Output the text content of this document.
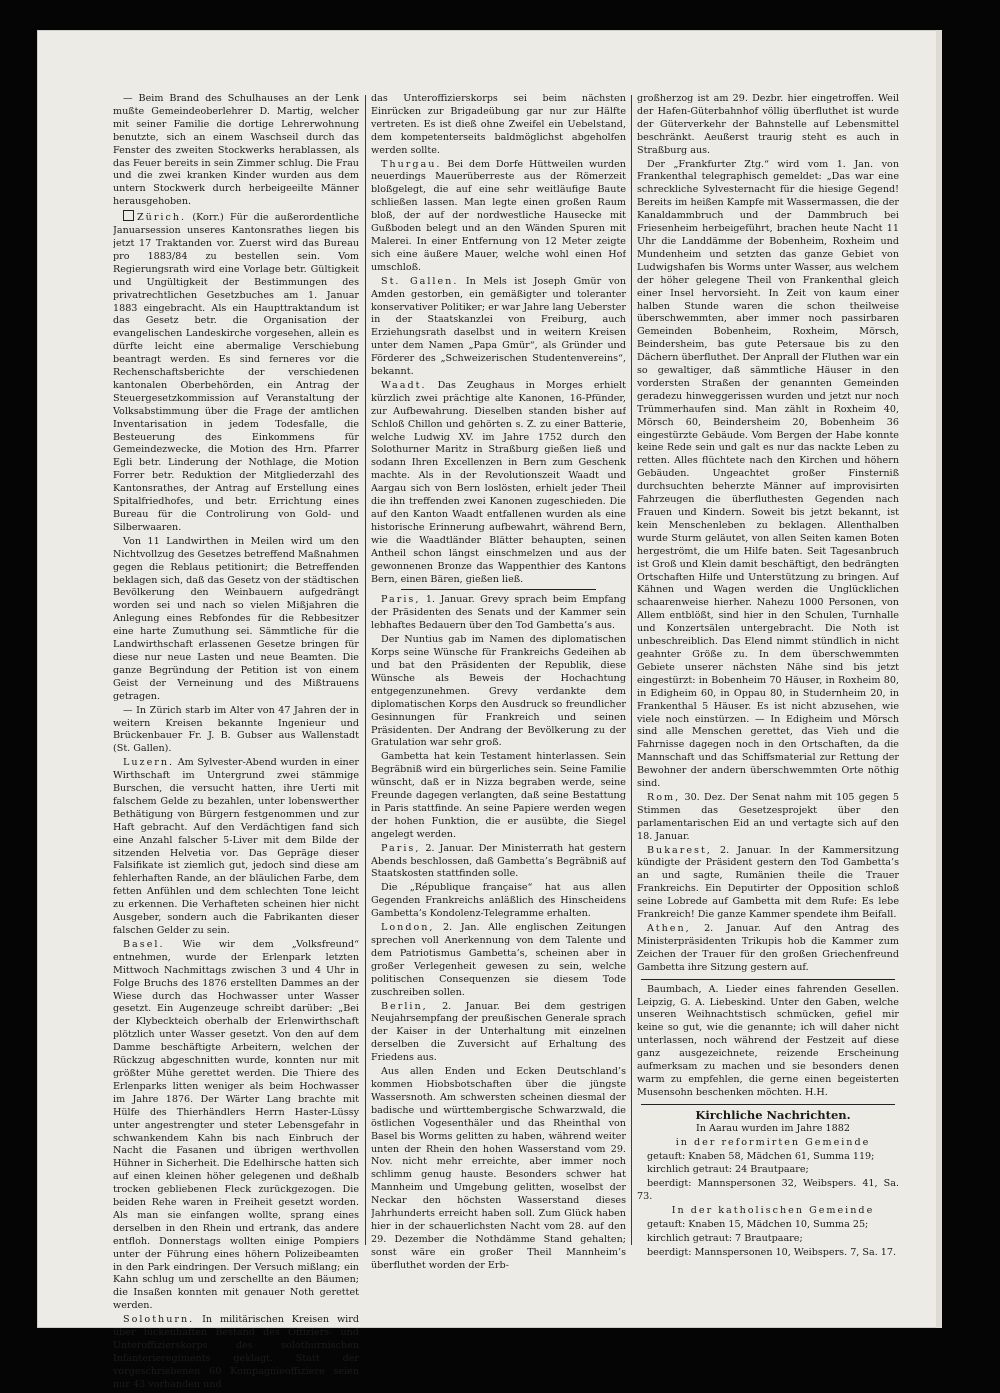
— Beim Brand des Schulhauses an der Lenk mußte Gemeindeoberlehrer D. Martig, welcher mit seiner Familie die dortige Lehrerwohnung benutzte, sich an einem Waschseil durch das Fenster des zweiten Stockwerks herablassen, als das Feuer bereits in sein Zimmer schlug. Die Frau und die zwei kranken Kinder wurden aus dem untern Stockwerk durch herbeigeeilte Männer herausgehoben.

Zürich. (Korr.) Für die außerordentliche Januarsession unseres Kantonsrathes liegen bis jetzt 17 Traktanden vor. Zuerst wird das Bureau pro 1883/84 zu bestellen sein. Vom Regierungsrath wird eine Vorlage betr. Gültigkeit und Ungültigkeit der Bestimmungen des privatrechtlichen Gesetzbuches am 1. Januar 1883 eingebracht. Als ein Haupttraktandum ist das Gesetz betr. die Organisation der evangelischen Landeskirche vorgesehen, allein es dürfte leicht eine abermalige Verschiebung beantragt werden. Es sind ferneres vor die Rechenschaftsberichte der verschiedenen kantonalen Oberbehörden, ein Antrag der Steuergesetzkommission auf Veranstaltung der Volksabstimmung über die Frage der amtlichen Inventarisation in jedem Todesfalle, die Besteuerung des Einkommens für Gemeindezwecke, die Motion des Hrn. Pfarrer Egli betr. Linderung der Nothlage, die Motion Forrer betr. Reduktion der Mitgliederzahl des Kantonsrathes, der Antrag auf Erstellung eines Spitalfriedhofes, und betr. Errichtung eines Bureau für die Controlirung von Gold- und Silberwaaren.

Von 11 Landwirthen in Meilen wird um den Nichtvollzug des Gesetzes betreffend Maßnahmen gegen die Reblaus petitionirt; die Betreffenden beklagen sich, daß das Gesetz von der städtischen Bevölkerung den Weinbauern aufgedrängt worden sei und nach so vielen Mißjahren die Anlegung eines Rebfondes für die Rebbesitzer eine harte Zumuthung sei. Sämmtliche für die Landwirthschaft erlassenen Gesetze bringen für diese nur neue Lasten und neue Beamten. Die ganze Begründung der Petition ist von einem Geist der Verneinung und des Mißtrauens getragen.

— In Zürich starb im Alter von 47 Jahren der in weitern Kreisen bekannte Ingenieur und Brückenbauer Fr. J. B. Gubser aus Wallenstadt (St. Gallen).

Luzern. Am Sylvester-Abend wurden in einer Wirthschaft im Untergrund zwei stämmige Burschen, die versucht hatten, ihre Uerti mit falschem Gelde zu bezahlen, unter lobenswerther Bethätigung von Bürgern festgenommen und zur Haft gebracht. Auf den Verdächtigen fand sich eine Anzahl falscher 5-Liver mit dem Bilde der sitzenden Helvetia vor. Das Gepräge dieser Falsifikate ist ziemlich gut, jedoch sind diese am fehlerhaften Rande, an der bläulichen Farbe, dem fetten Anfühlen und dem schlechten Tone leicht zu erkennen. Die Verhafteten scheinen hier nicht Ausgeber, sondern auch die Fabrikanten dieser falschen Gelder zu sein.

Basel. Wie wir dem „Volksfreund“ entnehmen, wurde der Erlenpark letzten Mittwoch Nachmittags zwischen 3 und 4 Uhr in Folge Bruchs des 1876 erstellten Dammes an der Wiese durch das Hochwasser unter Wasser gesetzt. Ein Augenzeuge schreibt darüber: „Bei der Klybeckteich oberhalb der Erlenwirthschaft plötzlich unter Wasser gesetzt. Von den auf dem Damme beschäftigte Arbeitern, welchen der Rückzug abgeschnitten wurde, konnten nur mit größter Mühe gerettet werden. Die Thiere des Erlenparks litten weniger als beim Hochwasser im Jahre 1876. Der Wärter Lang brachte mit Hülfe des Thierhändlers Herrn Haster-Lüssy unter angestrengter und steter Lebensgefahr in schwankendem Kahn bis nach Einbruch der Nacht die Fasanen und übrigen werthvollen Hühner in Sicherheit. Die Edelhirsche hatten sich auf einen kleinen höher gelegenen und deßhalb trocken gebliebenen Fleck zurückgezogen. Die beiden Rehe waren in Freiheit gesetzt worden. Als man sie einfangen wollte, sprang eines derselben in den Rhein und ertrank, das andere entfloh. Donnerstags wollten einige Pompiers unter der Führung eines höhern Polizeibeamten in den Park eindringen. Der Versuch mißlang; ein Kahn schlug um und zerschellte an den Bäumen; die Insaßen konnten mit genauer Noth gerettet werden.

Solothurn. In militärischen Kreisen wird über lückenhaften Bestand des Offiziers- und Unteroffizierskorps des solothurnischen Infanterieregiments geklagt. Statt der vorgeschriebenen 60 Kompagnieoffiziere seien nur 43 vorhanden und

das Unteroffizierskorps sei beim nächsten Einrücken zur Brigadeübung gar nur zur Hälfte vertreten. Es ist dieß ohne Zweifel ein Uebelstand, dem kompetenterseits baldmöglichst abgeholfen werden sollte.

Thurgau. Bei dem Dorfe Hüttweilen wurden neuerdings Mauerüberreste aus der Römerzeit bloßgelegt, die auf eine sehr weitläufige Baute schließen lassen. Man legte einen großen Raum bloß, der auf der nordwestliche Hausecke mit Gußboden belegt und an den Wänden Spuren mit Malerei. In einer Entfernung von 12 Meter zeigte sich eine äußere Mauer, welche wohl einen Hof umschloß.

St. Gallen. In Mels ist Joseph Gmür von Amden gestorben, ein gemäßigter und toleranter konservativer Politiker; er war Jahre lang Ueberster in der Staatskanzlei von Freiburg, auch Erziehungsrath daselbst und in weitern Kreisen unter dem Namen „Papa Gmür“, als Gründer und Förderer des „Schweizerischen Studentenvereins“, bekannt.

Waadt. Das Zeughaus in Morges erhielt kürzlich zwei prächtige alte Kanonen, 16-Pfünder, zur Aufbewahrung. Dieselben standen bisher auf Schloß Chillon und gehörten s. Z. zu einer Batterie, welche Ludwig XV. im Jahre 1752 durch den Solothurner Maritz in Straßburg gießen ließ und sodann Ihren Excellenzen in Bern zum Geschenk machte. Als in der Revolutionszeit Waadt und Aargau sich von Bern loslösten, erhielt jeder Theil die ihn treffenden zwei Kanonen zugeschieden. Die auf den Kanton Waadt entfallenen wurden als eine historische Erinnerung aufbewahrt, während Bern, wie die Waadtländer Blätter behaupten, seinen Antheil schon längst einschmelzen und aus der gewonnenen Bronze das Wappenthier des Kantons Bern, einen Bären, gießen ließ.

Paris, 1. Januar. Grevy sprach beim Empfang der Präsidenten des Senats und der Kammer sein lebhaftes Bedauern über den Tod Gambetta’s aus.

Der Nuntius gab im Namen des diplomatischen Korps seine Wünsche für Frankreichs Gedeihen ab und bat den Präsidenten der Republik, diese Wünsche als Beweis der Hochachtung entgegenzunehmen. Grevy verdankte dem diplomatischen Korps den Ausdruck so freundlicher Gesinnungen für Frankreich und seinen Präsidenten. Der Andrang der Bevölkerung zu der Gratulation war sehr groß.

Gambetta hat kein Testament hinterlassen. Sein Begräbniß wird ein bürgerliches sein. Seine Familie wünscht, daß er in Nizza begraben werde, seine Freunde dagegen verlangten, daß seine Bestattung in Paris stattfinde. An seine Papiere werden wegen der hohen Funktion, die er ausübte, die Siegel angelegt werden.

Paris, 2. Januar. Der Ministerrath hat gestern Abends beschlossen, daß Gambetta’s Begräbniß auf Staatskosten stattfinden solle.

Die „République française“ hat aus allen Gegenden Frankreichs anläßlich des Hinscheidens Gambetta’s Kondolenz-Telegramme erhalten.

London, 2. Jan. Alle englischen Zeitungen sprechen voll Anerkennung von dem Talente und dem Patriotismus Gambetta’s, scheinen aber in großer Verlegenheit gewesen zu sein, welche politischen Consequenzen sie diesem Tode zuschreiben sollen.

Berlin, 2. Januar. Bei dem gestrigen Neujahrsempfang der preußischen Generale sprach der Kaiser in der Unterhaltung mit einzelnen derselben die Zuversicht auf Erhaltung des Friedens aus.

Aus allen Enden und Ecken Deutschland’s kommen Hiobsbotschaften über die jüngste Wassersnoth. Am schwersten scheinen diesmal der badische und württembergische Schwarzwald, die östlichen Vogesenthäler und das Rheinthal von Basel bis Worms gelitten zu haben, während weiter unten der Rhein den hohen Wasserstand vom 29. Nov. nicht mehr erreichte, aber immer noch schlimm genug hauste. Besonders schwer hat Mannheim und Umgebung gelitten, woselbst der Neckar den höchsten Wasserstand dieses Jahrhunderts erreicht haben soll. Zum Glück haben hier in der schauerlichsten Nacht vom 28. auf den 29. Dezember die Nothdämme Stand gehalten; sonst wäre ein großer Theil Mannheim’s überfluthet worden der Erb-

großherzog ist am 29. Dezbr. hier eingetroffen. Weil der Hafen-Güterbahnhof völlig überfluthet ist wurde der Güterverkehr der Bahnstelle auf Lebensmittel beschränkt. Aeußerst traurig steht es auch in Straßburg aus.

Der „Frankfurter Ztg.“ wird vom 1. Jan. von Frankenthal telegraphisch gemeldet: „Das war eine schreckliche Sylvesternacht für die hiesige Gegend! Bereits im heißen Kampfe mit Wassermassen, die der Kanaldammbruch und der Dammbruch bei Friesenheim herbeigeführt, brachen heute Nacht 11 Uhr die Landdämme der Bobenheim, Roxheim und Mundenheim und setzten das ganze Gebiet von Ludwigshafen bis Worms unter Wasser, aus welchem der höher gelegene Theil von Frankenthal gleich einer Insel hervorsieht. In Zeit von kaum einer halben Stunde waren die schon theilweise überschwemmten, aber immer noch passirbaren Gemeinden Bobenheim, Roxheim, Mörsch, Beindersheim, bas gute Petersaue bis zu den Dächern überfluthet. Der Anprall der Fluthen war ein so gewaltiger, daß sämmtliche Häuser in den vordersten Straßen der genannten Gemeinden geradezu hinweggerissen wurden und jetzt nur noch Trümmerhaufen sind. Man zählt in Roxheim 40, Mörsch 60, Beindersheim 20, Bobenheim 36 eingestürzte Gebäude. Vom Bergen der Habe konnte keine Rede sein und galt es nur das nackte Leben zu retten. Alles flüchtete nach den Kirchen und höhern Gebäuden. Ungeachtet großer Finsterniß durchsuchten beherzte Männer auf improvisirten Fahrzeugen die überfluthesten Gegenden nach Frauen und Kindern. Soweit bis jetzt bekannt, ist kein Menschenleben zu beklagen. Allenthalben wurde Sturm geläutet, von allen Seiten kamen Boten hergeströmt, die um Hilfe baten. Seit Tagesanbruch ist Groß und Klein damit beschäftigt, den bedrängten Ortschaften Hilfe und Unterstützung zu bringen. Auf Kähnen und Wagen werden die Unglücklichen schaarenweise hierher. Nahezu 1000 Personen, von Allem entblößt, sind hier in den Schulen, Turnhalle und Konzertsälen untergebracht. Die Noth ist unbeschreiblich. Das Elend nimmt stündlich in nicht geahnter Größe zu. In dem überschwemmten Gebiete unserer nächsten Nähe sind bis jetzt eingestürzt: in Bobenheim 70 Häuser, in Roxheim 80, in Edigheim 60, in Oppau 80, in Studernheim 20, in Frankenthal 5 Häuser. Es ist nicht abzusehen, wie viele noch einstürzen. — In Edigheim und Mörsch sind alle Menschen gerettet, das Vieh und die Fahrnisse dagegen noch in den Ortschaften, da die Mannschaft und das Schiffsmaterial zur Rettung der Bewohner der andern überschwemmten Orte nöthig sind.

Rom, 30. Dez. Der Senat nahm mit 105 gegen 5 Stimmen das Gesetzesprojekt über den parlamentarischen Eid an und vertagte sich auf den 18. Januar.

Bukarest, 2. Januar. In der Kammersitzung kündigte der Präsident gestern den Tod Gambetta’s an und sagte, Rumänien theile die Trauer Frankreichs. Ein Deputirter der Opposition schloß seine Lobrede auf Gambetta mit dem Rufe: Es lebe Frankreich! Die ganze Kammer spendete ihm Beifall.

Athen, 2. Januar. Auf den Antrag des Ministerpräsidenten Trikupis hob die Kammer zum Zeichen der Trauer für den großen Griechenfreund Gambetta ihre Sitzung gestern auf.

Baumbach, A. Lieder eines fahrenden Gesellen. Leipzig, G. A. Liebeskind. Unter den Gaben, welche unseren Weihnachtstisch schmücken, gefiel mir keine so gut, wie die genannte; ich will daher nicht unterlassen, noch während der Festzeit auf diese ganz ausgezeichnete, reizende Erscheinung aufmerksam zu machen und sie besonders denen warm zu empfehlen, die gerne einen begeisterten Musensohn beschenken möchten. H.H.

Kirchliche Nachrichten.

In Aarau wurden im Jahre 1882

in der reformirten Gemeinde

getauft: Knaben 58, Mädchen 61, Summa 119;

kirchlich getraut: 24 Brautpaare;

beerdigt: Mannspersonen 32, Weibspers. 41, Sa. 73.

In der katholischen Gemeinde

getauft: Knaben 15, Mädchen 10, Summa 25;

kirchlich getraut: 7 Brautpaare;

beerdigt: Mannspersonen 10, Weibspers. 7, Sa. 17.
